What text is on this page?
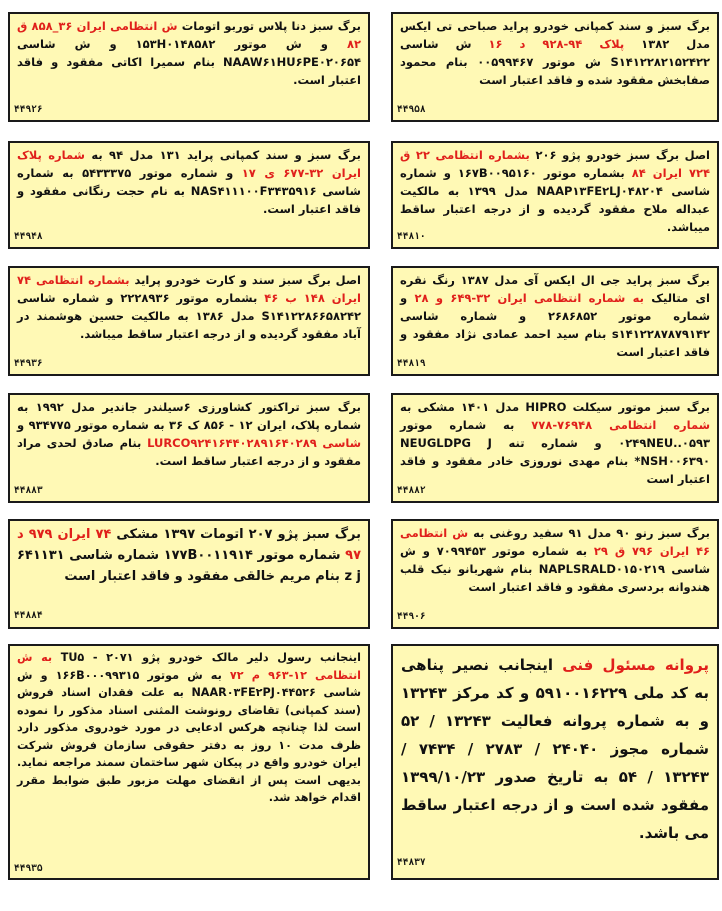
برگ سبز و سند کمپانی خودرو پراید صباحی تی ایکس مدل ۱۳۸۲ پلاک ۹۴-۹۲۸ د ۱۶ ش شاسی S۱۴۱۲۲۸۲۱۵۲۴۲۲ ش موتور ۰۰۵۹۹۴۶۷ بنام محمود صفابخش مفقود شده و فاقد اعتبار است

۴۴۹۵۸

اصل برگ سبز خودرو پژو ۲۰۶ بشماره انتظامی ۲۲ ق ۷۲۴ ایران ۸۴ بشماره موتور ۱۶۷B۰۰۹۵۱۶۰ و شماره شاسی NAAP۱۳FE۲LJ۰۴۸۲۰۴ مدل ۱۳۹۹ به مالکیت عبداله ملاح مفقود گردیده و از درجه اعتبار ساقط میباشد.

۴۴۸۱۰

برگ سبز پراید جی ال ایکس آی مدل ۱۳۸۷ رنگ نقره ای متالیک به شماره انتظامی ایران ۳۲-۶۴۹ و ۲۸ و شماره موتور ۲۶۸۶۸۵۲ و شماره شاسی s۱۴۱۲۲۸۷۸۷۹۱۴۲ بنام سید احمد عمادی نژاد مفقود و فاقد اعتبار است

۴۴۸۱۹

برگ سبز موتور سیکلت HIPRO مدل ۱۴۰۱ مشکی به شماره انتظامی ۷۶۹۴۸-۷۷۸ به شماره موتور ۰۵۹۳..۰۲۴۹NEU و شماره تنه NEUGLDPG J NSH۰۰۶۳۹۰* بنام مهدی نوروزی خادر مفقود و فاقد اعتبار است

۴۴۸۸۲

برگ سبز رنو ۹۰ مدل ۹۱ سفید روغنی به ش انتظامی ۴۶ ایران ۷۹۶ ق ۲۹ به شماره موتور ۷۰۹۹۴۵۳ و ش شاسی NAPLSRALD۰۱۵۰۲۱۹ بنام شهربانو نیک قلب هندوانه بردسری مفقود و فاقد اعتبار است

۴۴۹۰۶

پروانه مسئول فنی اینجانب نصیر پناهی به کد ملی ۵۹۱۰۰۱۶۲۲۹ و کد مرکز ۱۳۲۴۳ و به شماره پروانه فعالیت ۱۳۲۴۳ / ۵۲ شماره مجوز ۲۴۰۴۰ / ۲۷۸۳ / ۷۴۳۴ / ۱۳۲۴۳ / ۵۴ به تاریخ صدور ۱۳۹۹/۱۰/۲۳ مفقود شده است و از درجه اعتبار ساقط می باشد.

۴۴۸۳۷

برگ سبز دنا پلاس توربو اتومات ش انتظامی ایران ۳۶_۸۵۸ ق ۸۲ و ش موتور ۱۵۳H۰۱۴۸۵۸۲ و ش شاسی NAAW۶۱HU۶PE۰۲۰۶۵۴ بنام سمیرا اکاتی مفقود و فاقد اعتبار است.

۴۴۹۲۶

برگ سبز و سند کمپانی پراید ۱۳۱ مدل ۹۴ به شماره پلاک ایران ۳۲-۶۷۷ ی ۱۷ و شماره موتور ۵۴۳۳۳۷۵ به شماره شاسی NAS۴۱۱۱۰۰F۳۴۳۵۹۱۶ به نام حجت رنگانی مفقود و فاقد اعتبار است.

۴۴۹۴۸

اصل برگ سبز سند و کارت خودرو پراید بشماره انتظامی ۷۴ ایران ۱۴۸ ب ۴۶ بشماره موتور ۲۲۲۸۹۳۶ و شماره شاسی S۱۴۱۲۲۸۶۶۵۸۲۴۲ مدل ۱۳۸۶ به مالکیت حسین هوشمند در آباد مفقود گردیده و از درجه اعتبار ساقط میباشد.

۴۴۹۳۶

برگ سبز تراکتور کشاورزی ۶سیلندر جاندیر مدل ۱۹۹۲ به شماره پلاک، ایران ۱۲ - ۸۵۶ ک ۳۶ به شماره موتور ۹۳۴۷۷۵ و شاسی LURCO۹۲۴۱۶۴۴۰۲۸۹۱۶۴۰۲۸۹ بنام صادق لحدی مراد مفقود و از درجه اعتبار ساقط است.

۴۴۸۸۳

برگ سبز پژو ۲۰۷ اتومات ۱۳۹۷ مشکی ۷۴ ایران ۹۷۹ د ۹۷ شماره موتور ۱۷۷B۰۰۱۱۹۱۴ شماره شاسی ۶۴۱۱۳۱ z j بنام مریم خالقی مفقود و فاقد اعتبار است

۴۴۸۸۴

اینجانب رسول دلیر مالک خودرو پژو TU۵ - ۲۰۷۱ به ش انتظامی ۱۲-۹۶۳ م ۷۲ به ش موتور ۱۶۶B۰۰۰۹۹۳۱۵ و ش شاسی NAAR۰۳FE۲PJ۰۴۴۵۲۶ به علت فقدان اسناد فروش (سند کمپانی) تقاضای رونوشت المثنی اسناد مذکور را نموده است لذا چنانچه هرکس ادعایی در مورد خودروی مذکور دارد ظرف مدت ۱۰ روز به دفتر حقوقی سازمان فروش شرکت ایران خودرو واقع در پیکان شهر ساختمان سمند مراجعه نماید. بدیهی است پس از انقضای مهلت مزبور طبق ضوابط مقرر اقدام خواهد شد.

۴۴۹۳۵
